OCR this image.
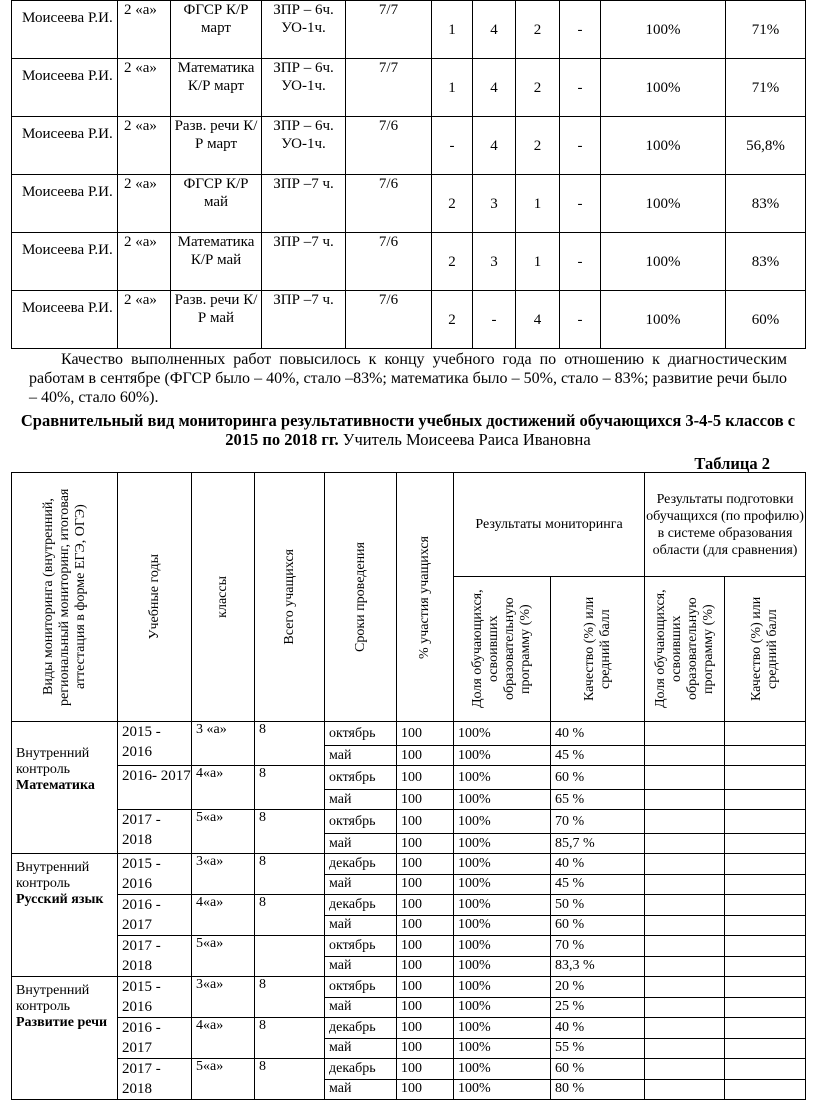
Моисеева Р.И.	2 «а»	ФГСР К/Р март	ЗПР – 6ч. УО-1ч.	7/7	1	4	2	-	100%	71%
Моисеева Р.И.	2 «а»	Математика К/Р март	ЗПР – 6ч. УО-1ч.	7/7	1	4	2	-	100%	71%
Моисеева Р.И.	2 «а»	Разв. речи К/Р март	ЗПР – 6ч. УО-1ч.	7/6	-	4	2	-	100%	56,8%
Моисеева Р.И.	2 «а»	ФГСР К/Р май	ЗПР –7 ч.	7/6	2	3	1	-	100%	83%
Моисеева Р.И.	2 «а»	Математика К/Р май	ЗПР –7 ч.	7/6	2	3	1	-	100%	83%
Моисеева Р.И.	2 «а»	Разв. речи К/Р май	ЗПР –7 ч.	7/6	2	-	4	-	100%	60%

Качество выполненных работ повысилось к концу учебного года по отношению к диагностическим работам в сентябре (ФГСР было – 40%, стало –83%; математика было – 50%, стало – 83%; развитие речи было – 40%, стало 60%).

Сравнительный вид мониторинга результативности учебных достижений обучающихся 3-4-5 классов с 2015 по 2018 гг. Учитель Моисеева Раиса Ивановна
Таблица 2
Виды мониторинга (внутренний, региональный мониторинг, итоговая аттестация в форме ЕГЭ, ОГЭ)	Учебные годы	классы	Всего учащихся	Сроки проведения	% участия учащихся	Результаты мониторинга		Результаты подготовки обучащихся (по профилю) в системе образования области (для сравнения)	

						Доля обучающихся, освоивших образовательную программу (%)	Качество (%) или средний балл	Доля обучающихся, освоивших образовательную программу (%)	Качество (%) или средний балл

Внутренний контроль
Математика	2015 - 2016	3 «а»	8	октябрь	100	100%	40 %		
				май	100	100%	45 %		
	2016- 2017	4«а»	8	октябрь	100	100%	60 %		
				май	100	100%	65 %		
	2017 - 2018	5«а»	8	октябрь	100	100%	70 %		
				май	100	100%	85,7 %		

Внутренний контроль
Русский язык	2015 - 2016	3«а»	8	декабрь	100	100%	40 %		
				май	100	100%	45 %		
	2016 - 2017	4«а»	8	декабрь	100	100%	50 %		
				май	100	100%	60 %		
	2017 - 2018	5«а»		октябрь	100	100%	70 %		
				май	100	100%	83,3 %		

Внутренний контроль
Развитие речи	2015 - 2016	3«а»	8	октябрь	100	100%	20 %		
				май	100	100%	25 %		
	2016 - 2017	4«а»	8	декабрь	100	100%	40 %		
				май	100	100%	55 %		
	2017 - 2018	5«а»	8	декабрь	100	100%	60 %		
				май	100	100%	80 %		
